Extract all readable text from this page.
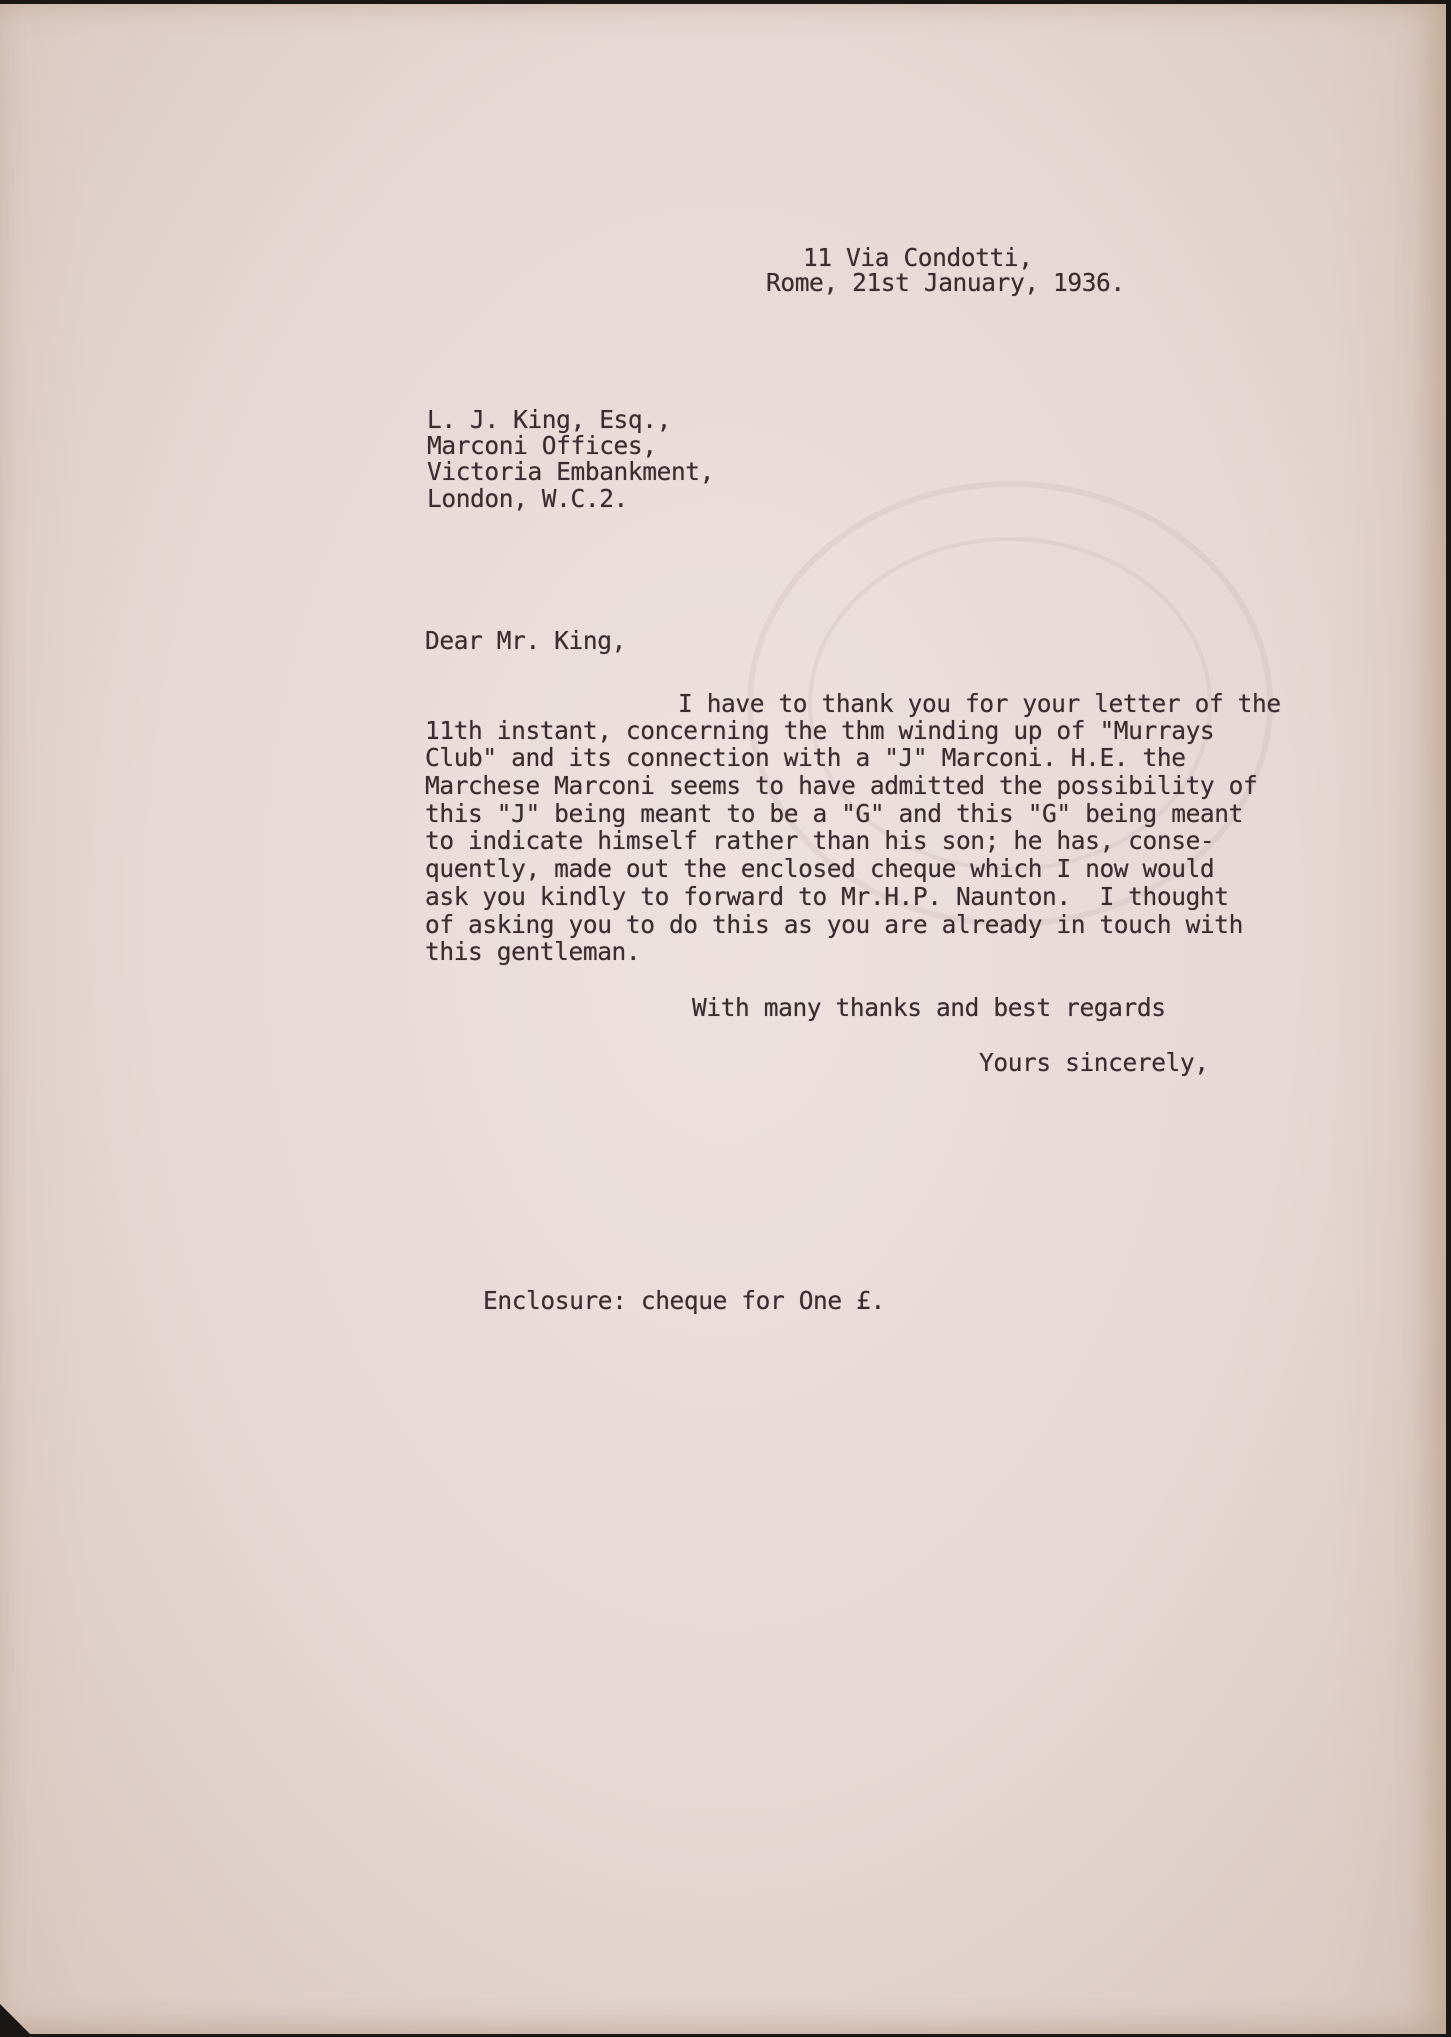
11 Via Condotti,
Rome, 21st January, 1936.
L. J. King, Esq.,
Marconi Offices,
Victoria Embankment,
London, W.C.2.
Dear Mr. King,
I have to thank you for your letter of the
11th instant, concerning the thm winding up of "Murrays
Club" and its connection with a "J" Marconi. H.E. the
Marchese Marconi seems to have admitted the possibility of
this "J" being meant to be a "G" and this "G" being meant
to indicate himself rather than his son; he has, conse-
quently, made out the enclosed cheque which I now would
ask you kindly to forward to Mr.H.P. Naunton.  I thought
of asking you to do this as you are already in touch with
this gentleman.
With many thanks and best regards
Yours sincerely,
Enclosure: cheque for One £.
